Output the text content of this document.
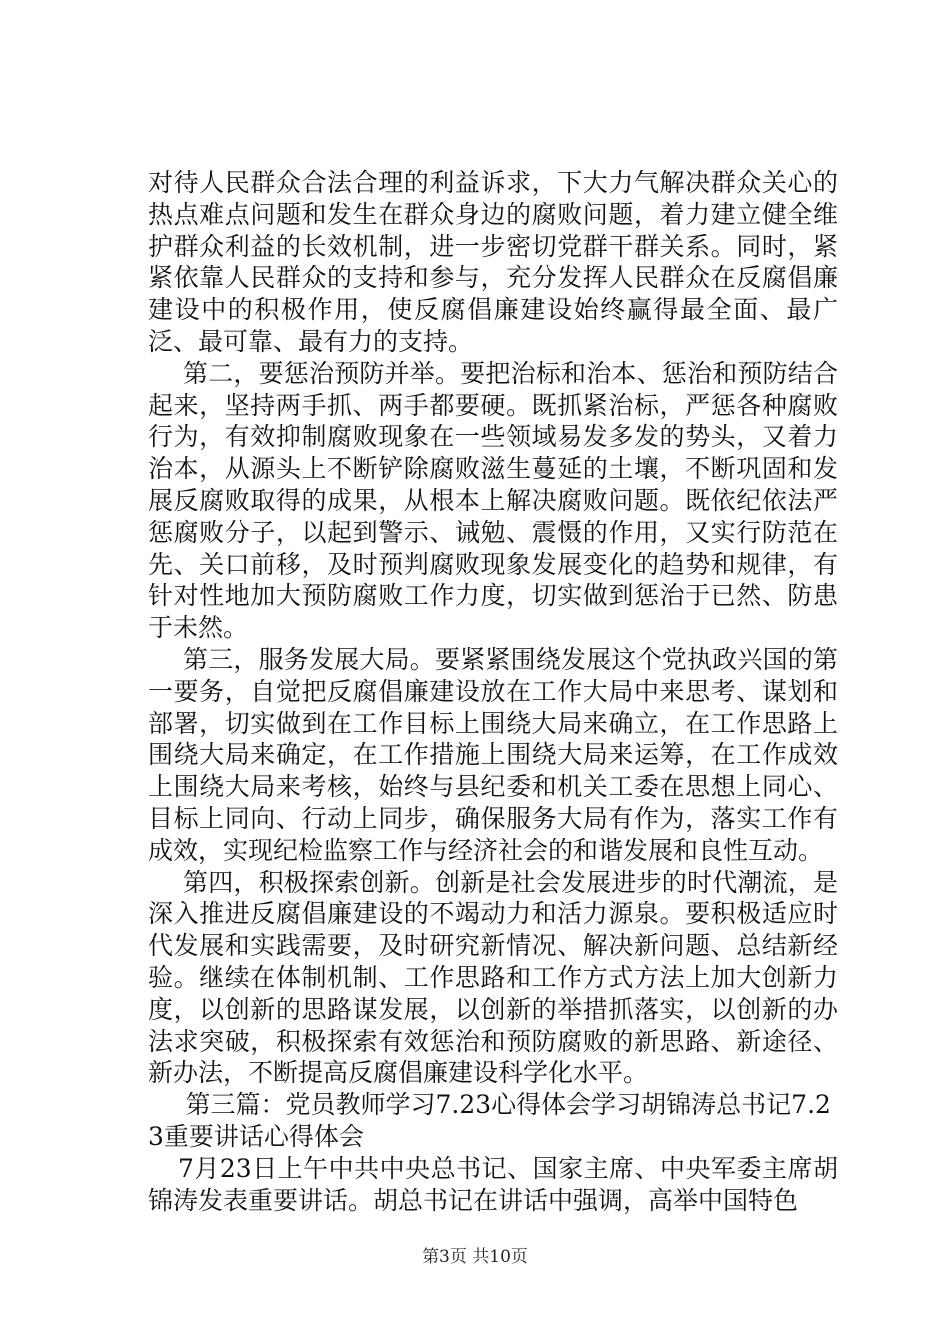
对待人民群众合法合理的利益诉求，下大力气解决群众关心的热点难点问题和发生在群众身边的腐败问题，着力建立健全维护群众利益的长效机制，进一步密切党群干群关系。同时，紧紧依靠人民群众的支持和参与，充分发挥人民群众在反腐倡廉建设中的积极作用，使反腐倡廉建设始终赢得最全面、最广泛、最可靠、最有力的支持。

第二，要惩治预防并举。要把治标和治本、惩治和预防结合起来，坚持两手抓、两手都要硬。既抓紧治标，严惩各种腐败行为，有效抑制腐败现象在一些领域易发多发的势头，又着力治本，从源头上不断铲除腐败滋生蔓延的土壤，不断巩固和发展反腐败取得的成果，从根本上解决腐败问题。既依纪依法严惩腐败分子，以起到警示、诫勉、震慑的作用，又实行防范在先、关口前移，及时预判腐败现象发展变化的趋势和规律，有针对性地加大预防腐败工作力度，切实做到惩治于已然、防患于未然。

第三，服务发展大局。要紧紧围绕发展这个党执政兴国的第一要务，自觉把反腐倡廉建设放在工作大局中来思考、谋划和部署，切实做到在工作目标上围绕大局来确立，在工作思路上围绕大局来确定，在工作措施上围绕大局来运筹，在工作成效上围绕大局来考核，始终与县纪委和机关工委在思想上同心、目标上同向、行动上同步，确保服务大局有作为，落实工作有成效，实现纪检监察工作与经济社会的和谐发展和良性互动。

第四，积极探索创新。创新是社会发展进步的时代潮流，是深入推进反腐倡廉建设的不竭动力和活力源泉。要积极适应时代发展和实践需要，及时研究新情况、解决新问题、总结新经验。继续在体制机制、工作思路和工作方式方法上加大创新力度，以创新的思路谋发展，以创新的举措抓落实，以创新的办法求突破，积极探索有效惩治和预防腐败的新思路、新途径、新办法，不断提高反腐倡廉建设科学化水平。

第三篇：党员教师学习7.23心得体会学习胡锦涛总书记7.23重要讲话心得体会

7月23日上午中共中央总书记、国家主席、中央军委主席胡锦涛发表重要讲话。胡总书记在讲话中强调，高举中国特色

第3页 共10页
